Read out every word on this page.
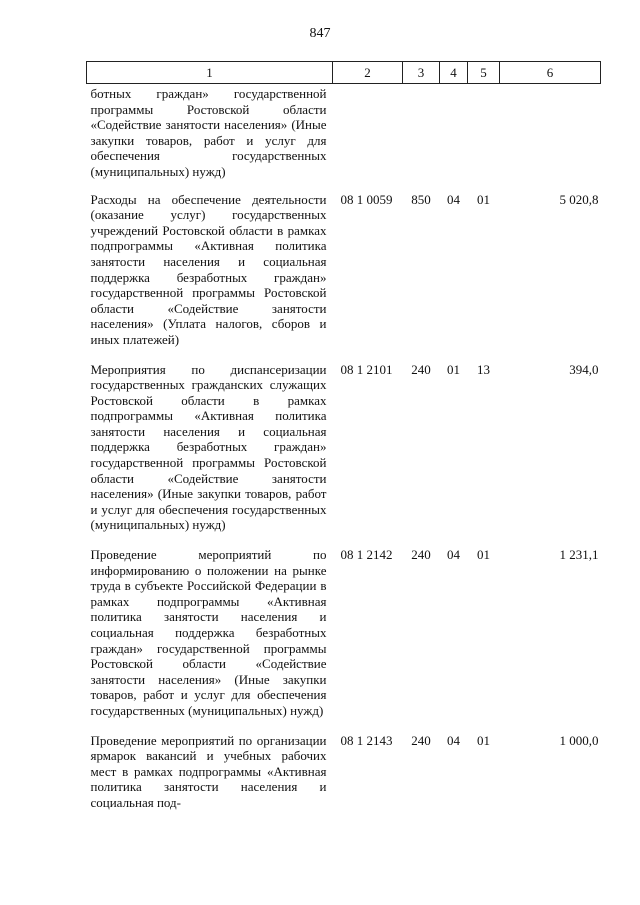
847
1	2	3	4	5	6
ботных граждан» государственной программы Ростовской области «Содействие занятости населения» (Иные закупки товаров, работ и услуг для обеспечения государственных (муниципальных) нужд)					
Расходы на обеспечение деятельности (оказание услуг) государственных учреждений Ростовской области в рамках подпрограммы «Активная политика занятости населения и социальная поддержка безработных граждан» государственной программы Ростовской области «Содействие занятости населения» (Уплата налогов, сборов и иных платежей)	08 1 0059	850	04	01	5 020,8
Мероприятия по диспансеризации государственных гражданских служащих Ростовской области в рамках подпрограммы «Активная политика занятости населения и социальная поддержка безработных граждан» государственной программы Ростовской области «Содействие занятости населения» (Иные закупки товаров, работ и услуг для обеспечения государственных (муниципальных) нужд)	08 1 2101	240	01	13	394,0
Проведение мероприятий по информированию о положении на рынке труда в субъекте Российской Федерации в рамках подпрограммы «Активная политика занятости населения и социальная поддержка безработных граждан» государственной программы Ростовской области «Содействие занятости населения» (Иные закупки товаров, работ и услуг для обеспечения государственных (муниципальных) нужд)	08 1 2142	240	04	01	1 231,1
Проведение мероприятий по организации ярмарок вакансий и учебных рабочих мест в рамках подпрограммы «Активная политика занятости населения и социальная под-	08 1 2143	240	04	01	1 000,0
